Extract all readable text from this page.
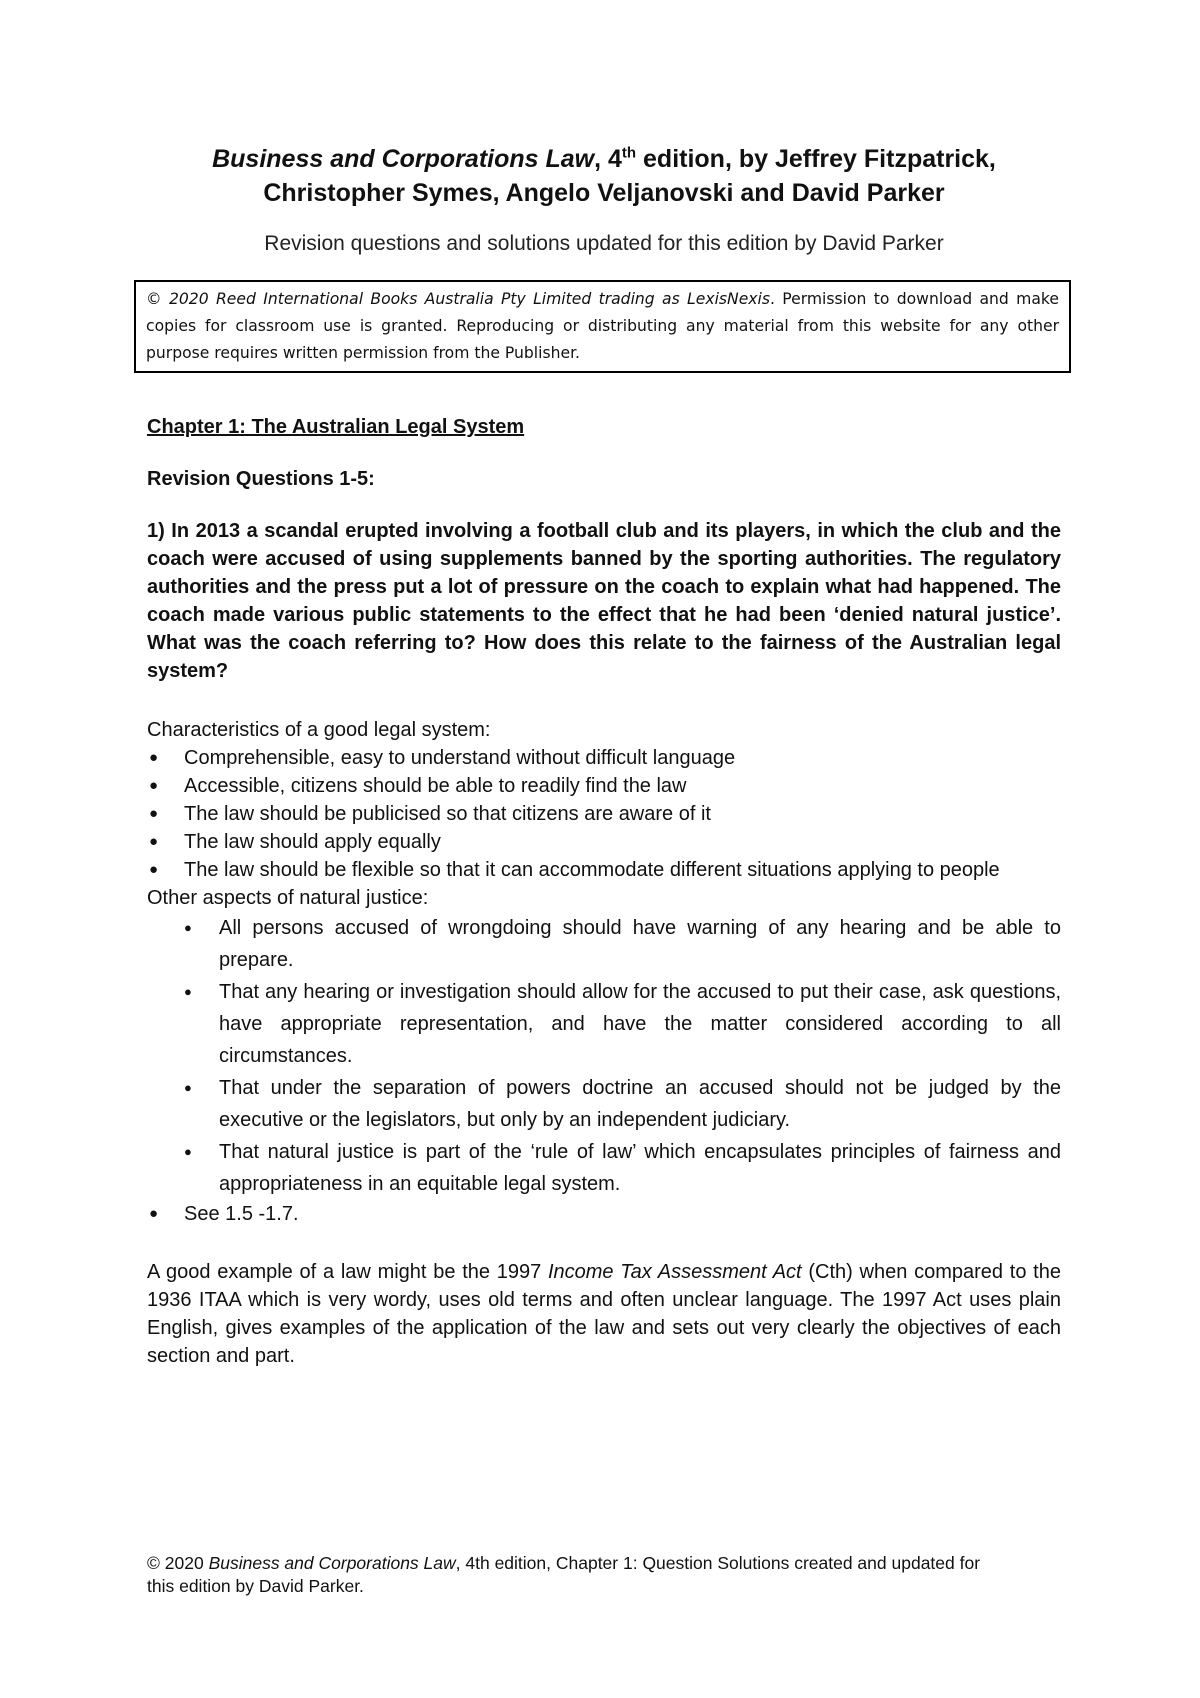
Business and Corporations Law, 4th edition, by Jeffrey Fitzpatrick,
Christopher Symes, Angelo Veljanovski and David Parker
Revision questions and solutions updated for this edition by David Parker
© 2020 Reed International Books Australia Pty Limited trading as LexisNexis. Permission to download and make copies for classroom use is granted. Reproducing or distributing any material from this website for any other purpose requires written permission from the Publisher.
Chapter 1: The Australian Legal System
Revision Questions 1-5:
1) In 2013 a scandal erupted involving a football club and its players, in which the club and the coach were accused of using supplements banned by the sporting authorities. The regulatory authorities and the press put a lot of pressure on the coach to explain what had happened. The coach made various public statements to the effect that he had been ‘denied natural justice’. What was the coach referring to? How does this relate to the fairness of the Australian legal system?
Characteristics of a good legal system:
● Comprehensible, easy to understand without difficult language
● Accessible, citizens should be able to readily find the law
● The law should be publicised so that citizens are aware of it
● The law should apply equally
● The law should be flexible so that it can accommodate different situations applying to people
Other aspects of natural justice:
● All persons accused of wrongdoing should have warning of any hearing and be able to prepare.
● That any hearing or investigation should allow for the accused to put their case, ask questions, have appropriate representation, and have the matter considered according to all circumstances.
● That under the separation of powers doctrine an accused should not be judged by the executive or the legislators, but only by an independent judiciary.
● That natural justice is part of the ‘rule of law’ which encapsulates principles of fairness and appropriateness in an equitable legal system.
● See 1.5 -1.7.
A good example of a law might be the 1997 Income Tax Assessment Act (Cth) when compared to the 1936 ITAA which is very wordy, uses old terms and often unclear language. The 1997 Act uses plain English, gives examples of the application of the law and sets out very clearly the objectives of each section and part.
© 2020 Business and Corporations Law, 4th edition, Chapter 1: Question Solutions created and updated for this edition by David Parker.
